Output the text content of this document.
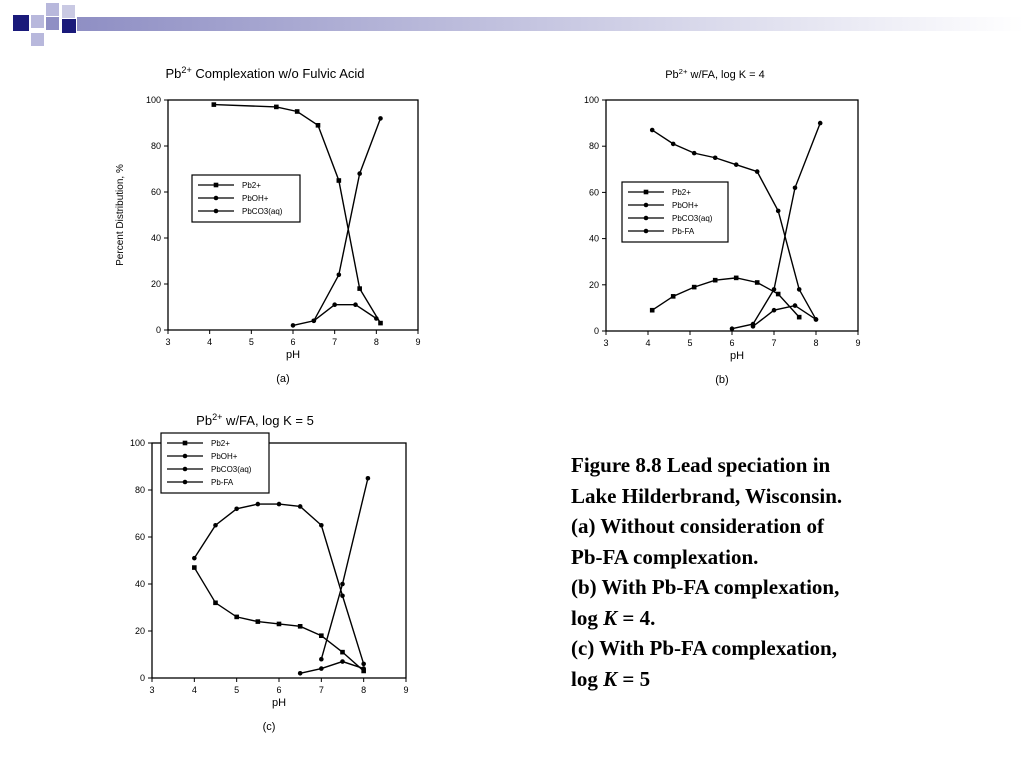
$Pb^{2+}$ Complexation w/o Fulvic Acid
3	4	5	6	7	8	9
0
20
40
60
80
100
pH
Percent Distribution, %
(a)
Pb2+
PbOH+
PbCO3(aq)
$Pb^{2+}$ w/FA, log K = 4
3	4	5	6	7	8	9
0
20
40
60
80
100
pH
(b)
Pb2+
PbOH+
PbCO3(aq)
Pb-FA
$Pb^{2+}$ w/FA, log K = 5
3	4	5	6	7	8	9
0
20
40
60
80
100
pH
(c)
Pb2+
PbOH+
PbCO3(aq)
Pb-FA
Figure 8.8 Lead speciation in
Lake Hilderbrand, Wisconsin.
(a) Without consideration of
Pb-FA complexation.
(b) With Pb-FA complexation,
log K = 4.
(c) With Pb-FA complexation,
log K = 5
